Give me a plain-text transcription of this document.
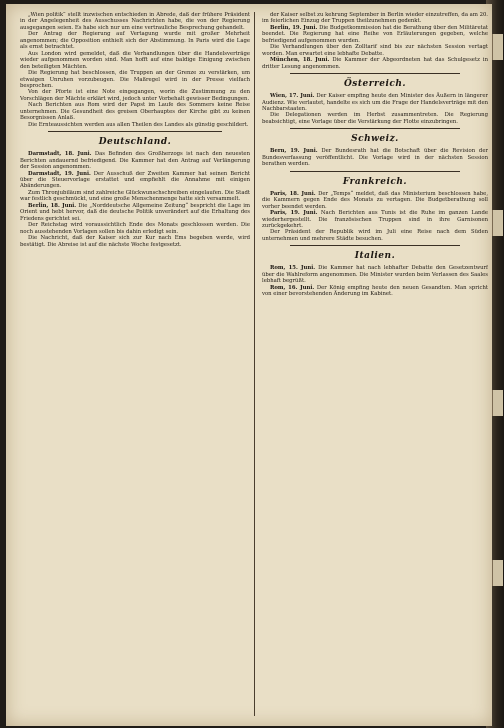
„Wien politik“ stellt inzwischen entschieden in Abrede, daß der frühere Präsident in der Angelegenheit des Ausschusses Nachrichten habe, die von der Regierung ausgegangen seien. Es habe sich nur um eine vertrauliche Besprechung gehandelt.

Der Antrag der Regierung auf Vertagung wurde mit großer Mehrheit angenommen; die Opposition enthielt sich der Abstimmung. In Paris wird die Lage als ernst betrachtet.

Aus London wird gemeldet, daß die Verhandlungen über die Handelsverträge wieder aufgenommen worden sind. Man hofft auf eine baldige Einigung zwischen den beteiligten Mächten.

Die Regierung hat beschlossen, die Truppen an der Grenze zu verstärken, um etwaigen Unruhen vorzubeugen. Die Maßregel wird in der Presse vielfach besprochen.

Von der Pforte ist eine Note eingegangen, worin die Zustimmung zu den Vorschlägen der Mächte erklärt wird, jedoch unter Vorbehalt gewisser Bedingungen.

Nach Berichten aus Rom wird der Papst im Laufe des Sommers keine Reise unternehmen. Die Gesundheit des greisen Oberhauptes der Kirche gibt zu keinen Besorgnissen Anlaß.

Die Ernteaussichten werden aus allen Theilen des Landes als günstig geschildert.

Deutschland.

Darmstadt, 18. Juni. Das Befinden des Großherzogs ist nach den neuesten Berichten andauernd befriedigend. Die Kammer hat den Antrag auf Verlängerung der Session angenommen.

Darmstadt, 19. Juni. Der Ausschuß der Zweiten Kammer hat seinen Bericht über die Steuervorlage erstattet und empfiehlt die Annahme mit einigen Abänderungen.

Zum Thronjubiläum sind zahlreiche Glückwunschschreiben eingelaufen. Die Stadt war festlich geschmückt, und eine große Menschenmenge hatte sich versammelt.

Berlin, 18. Juni. Die „Norddeutsche Allgemeine Zeitung“ bespricht die Lage im Orient und hebt hervor, daß die deutsche Politik unverändert auf die Erhaltung des Friedens gerichtet sei.

Der Reichstag wird voraussichtlich Ende des Monats geschlossen werden. Die noch ausstehenden Vorlagen sollen bis dahin erledigt sein.

Die Nachricht, daß der Kaiser sich zur Kur nach Ems begeben werde, wird bestätigt. Die Abreise ist auf die nächste Woche festgesetzt.

der Kaiser selbst zu kehrung September in Berlin wieder einzutreffen, da am 20. im feierlichen Einzug der Truppen theilzunehmen gedenkt.

Berlin, 19. Juni. Die Budgetkommission hat die Berathung über den Militäretat beendet. Die Regierung hat eine Reihe von Erläuterungen gegeben, welche befriedigend aufgenommen wurden.

Die Verhandlungen über den Zolltarif sind bis zur nächsten Session vertagt worden. Man erwartet eine lebhafte Debatte.

München, 18. Juni. Die Kammer der Abgeordneten hat das Schulgesetz in dritter Lesung angenommen.

Österreich.

Wien, 17. Juni. Der Kaiser empfing heute den Minister des Äußern in längerer Audienz. Wie verlautet, handelte es sich um die Frage der Handelsverträge mit den Nachbarstaaten.

Die Delegationen werden im Herbst zusammentreten. Die Regierung beabsichtigt, eine Vorlage über die Verstärkung der Flotte einzubringen.

Schweiz.

Bern, 19. Juni. Der Bundesrath hat die Botschaft über die Revision der Bundesverfassung veröffentlicht. Die Vorlage wird in der nächsten Session berathen werden.

Frankreich.

Paris, 18. Juni. Der „Temps“ meldet, daß das Ministerium beschlossen habe, die Kammern gegen Ende des Monats zu vertagen. Die Budgetberathung soll vorher beendet werden.

Paris, 19. Juni. Nach Berichten aus Tunis ist die Ruhe im ganzen Lande wiederhergestellt. Die französischen Truppen sind in ihre Garnisonen zurückgekehrt.

Der Präsident der Republik wird im Juli eine Reise nach dem Süden unternehmen und mehrere Städte besuchen.

Italien.

Rom, 15. Juni. Die Kammer hat nach lebhafter Debatte den Gesetzentwurf über die Wahlreform angenommen. Die Minister wurden beim Verlassen des Saales lebhaft begrüßt.

Rom, 16. Juni. Der König empfing heute den neuen Gesandten. Man spricht von einer bevorstehenden Änderung im Kabinet.
